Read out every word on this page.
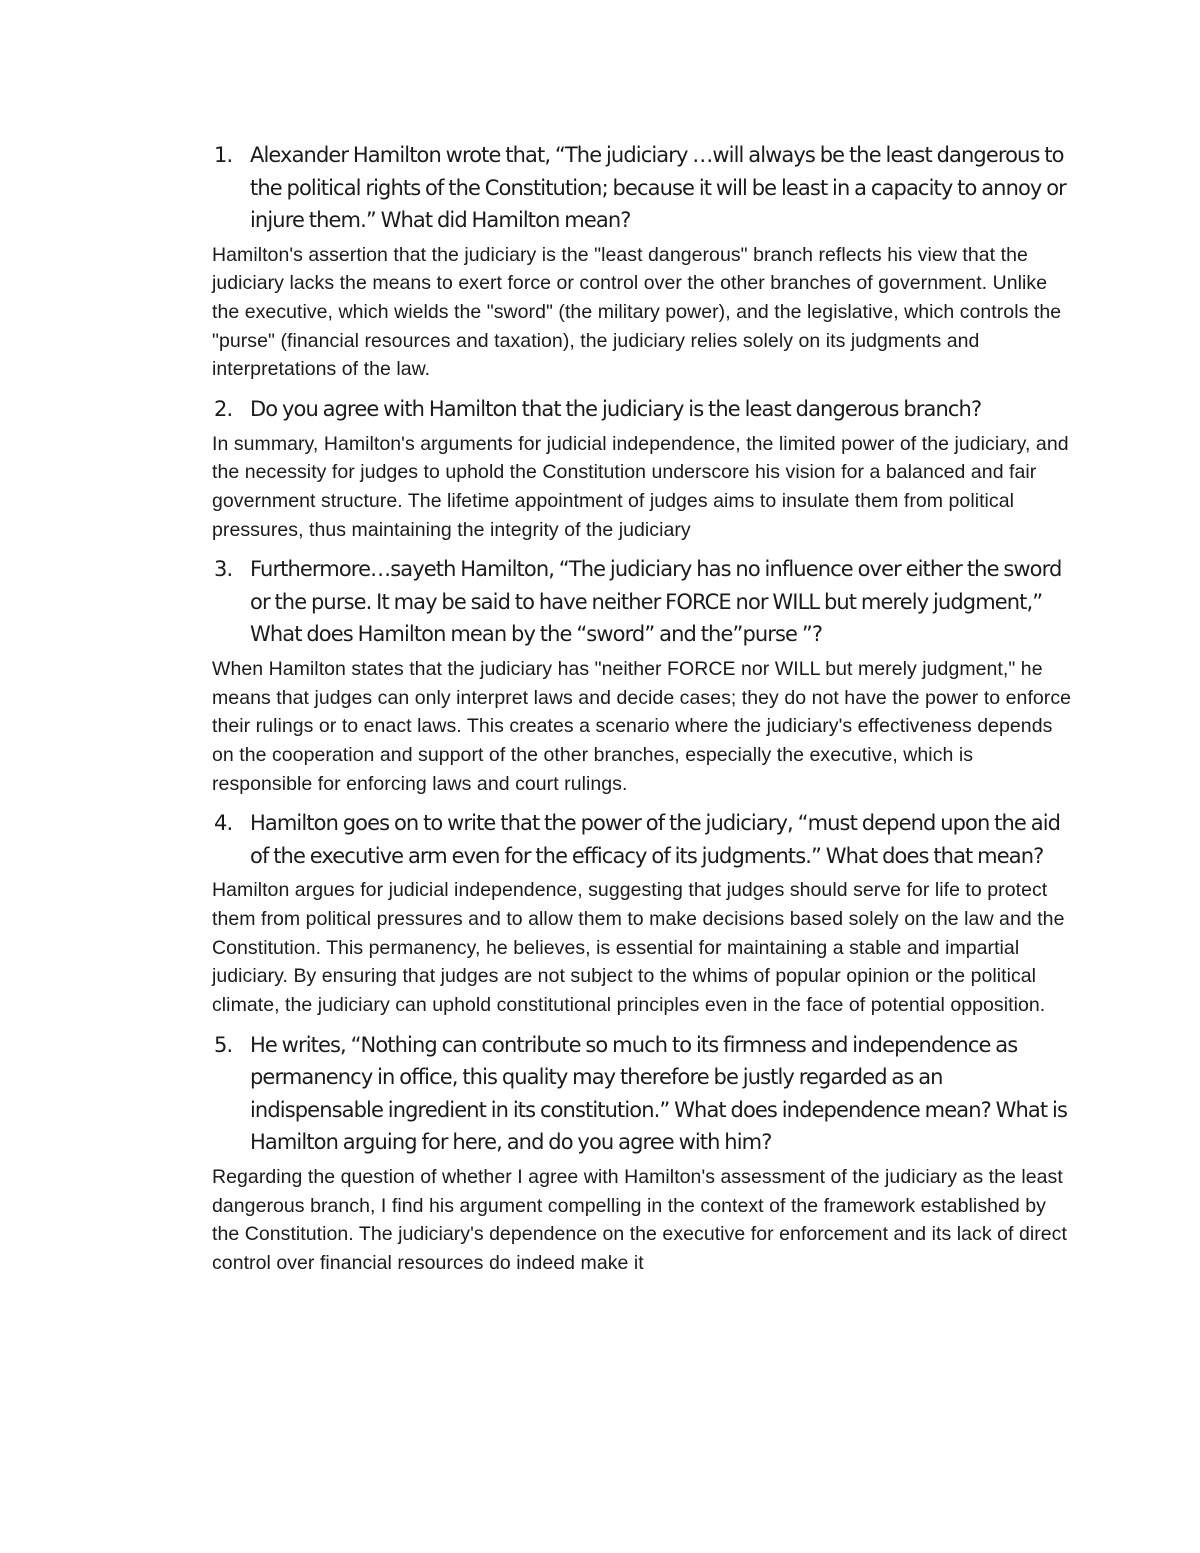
1. Alexander Hamilton wrote that, “The judiciary …will always be the least dangerous to the political rights of the Constitution; because it will be least in a capacity to annoy or injure them.” What did Hamilton mean?

Hamilton's assertion that the judiciary is the "least dangerous" branch reflects his view that the judiciary lacks the means to exert force or control over the other branches of government. Unlike the executive, which wields the "sword" (the military power), and the legislative, which controls the "purse" (financial resources and taxation), the judiciary relies solely on its judgments and interpretations of the law.

2. Do you agree with Hamilton that the judiciary is the least dangerous branch?

In summary, Hamilton's arguments for judicial independence, the limited power of the judiciary, and the necessity for judges to uphold the Constitution underscore his vision for a balanced and fair government structure. The lifetime appointment of judges aims to insulate them from political pressures, thus maintaining the integrity of the judiciary

3. Furthermore…sayeth Hamilton, “The judiciary has no influence over either the sword or the purse. It may be said to have neither FORCE nor WILL but merely judgment,” What does Hamilton mean by the “sword” and the”purse ”?

When Hamilton states that the judiciary has "neither FORCE nor WILL but merely judgment," he means that judges can only interpret laws and decide cases; they do not have the power to enforce their rulings or to enact laws. This creates a scenario where the judiciary's effectiveness depends on the cooperation and support of the other branches, especially the executive, which is responsible for enforcing laws and court rulings.

4. Hamilton goes on to write that the power of the judiciary, “must depend upon the aid of the executive arm even for the efficacy of its judgments.” What does that mean?

Hamilton argues for judicial independence, suggesting that judges should serve for life to protect them from political pressures and to allow them to make decisions based solely on the law and the Constitution. This permanency, he believes, is essential for maintaining a stable and impartial judiciary. By ensuring that judges are not subject to the whims of popular opinion or the political climate, the judiciary can uphold constitutional principles even in the face of potential opposition.

5. He writes, “Nothing can contribute so much to its firmness and independence as permanency in office, this quality may therefore be justly regarded as an indispensable ingredient in its constitution.” What does independence mean? What is Hamilton arguing for here, and do you agree with him?

Regarding the question of whether I agree with Hamilton's assessment of the judiciary as the least dangerous branch, I find his argument compelling in the context of the framework established by the Constitution. The judiciary's dependence on the executive for enforcement and its lack of direct control over financial resources do indeed make it
